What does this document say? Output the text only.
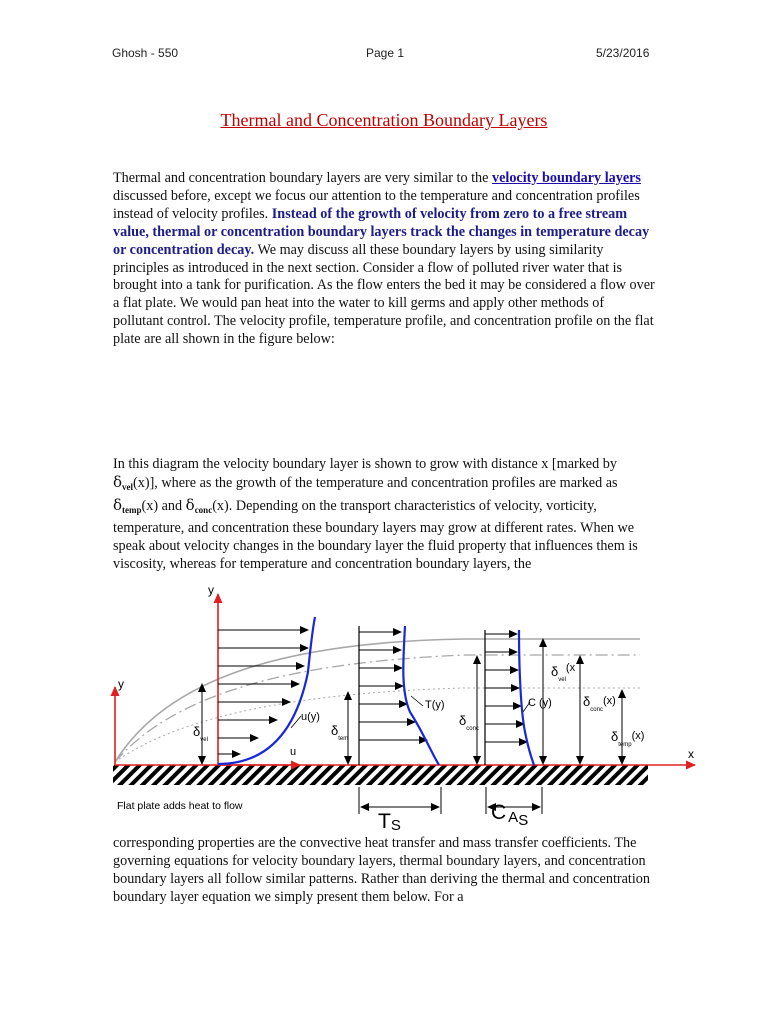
Ghosh - 550	Page 1	5/23/2016
Thermal and Concentration Boundary Layers

Thermal and concentration boundary layers are very similar to the velocity boundary layers discussed before, except we focus our attention to the temperature and concentration profiles instead of velocity profiles. Instead of the growth of velocity from zero to a free stream value, thermal or concentration boundary layers track the changes in temperature decay or concentration decay. We may discuss all these boundary layers by using similarity principles as introduced in the next section. Consider a flow of polluted river water that is brought into a tank for purification. As the flow enters the bed it may be considered a flow over a flat plate. We would pan heat into the water to kill germs and apply other methods of pollutant control. The velocity profile, temperature profile, and concentration profile on the flat plate are all shown in the figure below:

In this diagram the velocity boundary layer is shown to grow with distance x [marked by $\delta_{vel}(x)$], where as the growth of the temperature and concentration profiles are marked as $\delta_{temp}(x)$ and $\delta_{conc}(x)$. Depending on the transport characteristics of velocity, vorticity, temperature, and concentration these boundary layers may grow at different rates. When we speak about velocity changes in the boundary layer the fluid property that influences them is viscosity, whereas for temperature and concentration boundary layers, the

y
y
x
u(y)
u
T(y)	C (y)
$\delta_{vel}$
$\delta_{tem}$
$\delta_{conc}$
$\delta_{vel}^{(x}$
$\delta_{conc}^{(x)}$
$\delta_{temp}^{(x)}$
Flat plate adds heat to flow
TS
C AS

corresponding properties are the convective heat transfer and mass transfer coefficients. The governing equations for velocity boundary layers, thermal boundary layers, and concentration boundary layers all follow similar patterns. Rather than deriving the thermal and concentration boundary layer equation we simply present them below. For a
